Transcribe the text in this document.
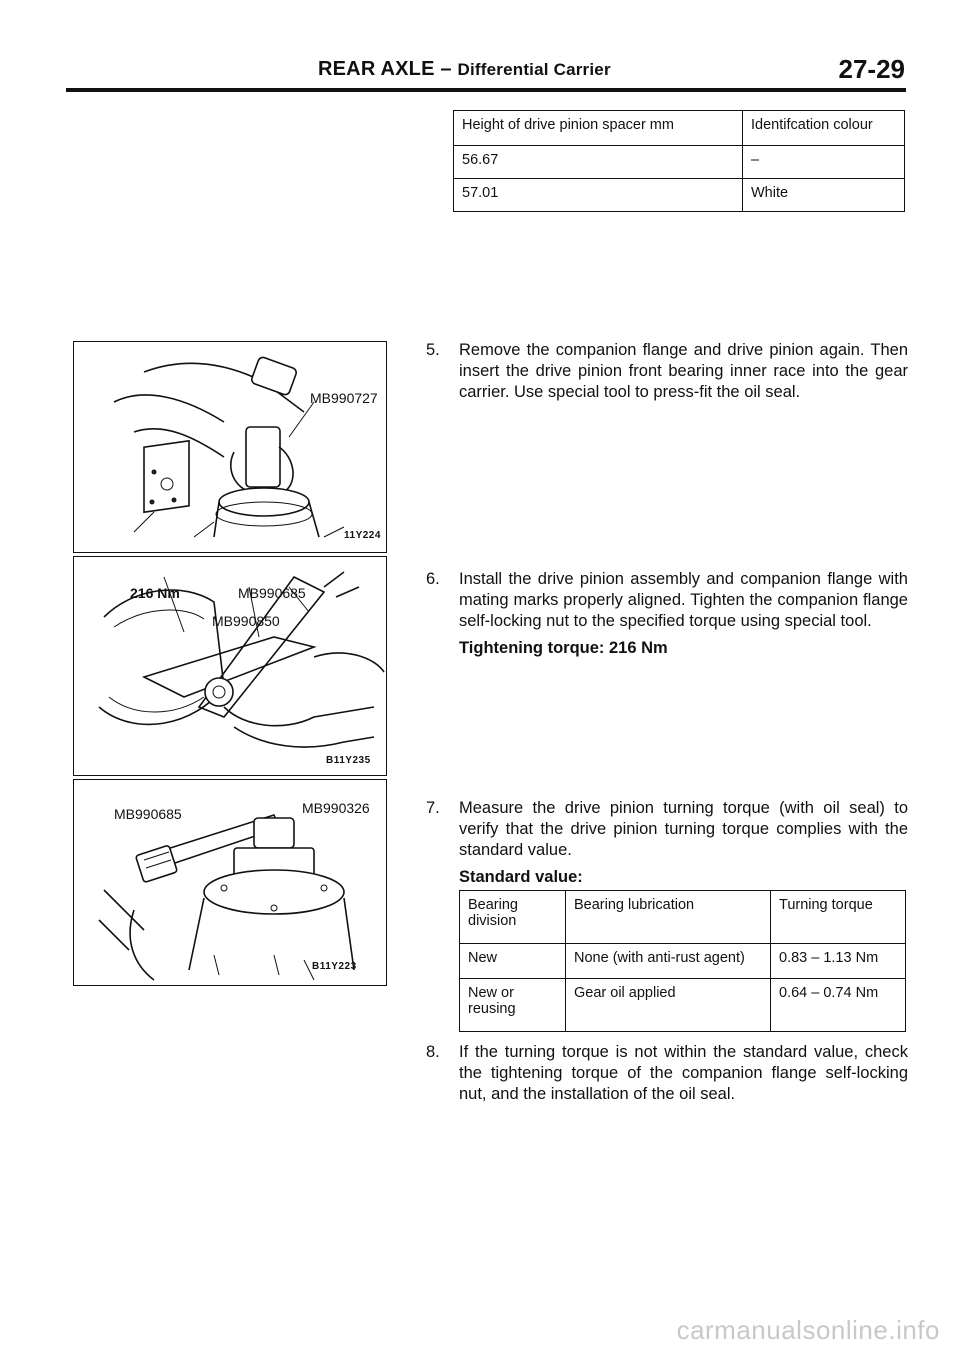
REAR AXLE – Differential Carrier	27-29
Height of drive pinion spacer mm	Identifcation colour
56.67	–
57.01	White
MB990727
11Y224
216 Nm	MB990685
MB990850
B11Y235
MB990685	MB990326
B11Y223
5. Remove the companion flange and drive pinion again. Then insert the drive pinion front bearing inner race into the gear carrier. Use special tool to press-fit the oil seal.
6. Install the drive pinion assembly and companion flange with mating marks properly aligned. Tighten the companion flange self-locking nut to the specified torque using special tool.
Tightening torque: 216 Nm
7. Measure the drive pinion turning torque (with oil seal) to verify that the drive pinion turning torque complies with the standard value.
Standard value:
Bearing division	Bearing lubrication	Turning torque
New	None (with anti-rust agent)	0.83 – 1.13 Nm
New or reusing	Gear oil applied	0.64 – 0.74 Nm
8. If the turning torque is not within the standard value, check the tightening torque of the companion flange self-locking nut, and the installation of the oil seal.
carmanualsonline.info
